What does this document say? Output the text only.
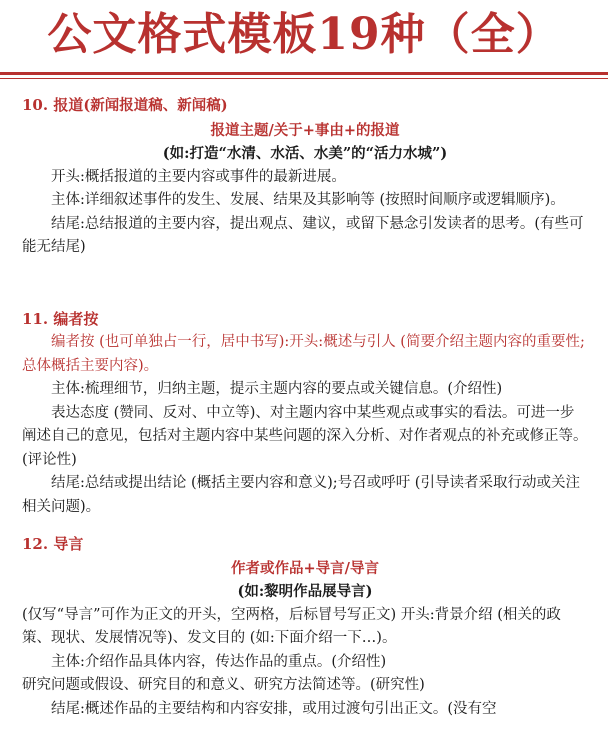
公文格式模板19种（全）

10. 报道(新闻报道稿、新闻稿)

报道主题/关于+事由+的报道

(如:打造“水清、水活、水美”的“活力水城”)

开头:概括报道的主要内容或事件的最新进展。

主体:详细叙述事件的发生、发展、结果及其影响等 (按照时间顺序或逻辑顺序)。

结尾:总结报道的主要内容，提出观点、建议，或留下悬念引发读者的思考。(有些可能无结尾)

11. 编者按

编者按 (也可单独占一行，居中书写):开头:概述与引人 (简要介绍主题内容的重要性;总体概括主要内容)。

主体:梳理细节，归纳主题，提示主题内容的要点或关键信息。(介绍性)

表达态度 (赞同、反对、中立等)、对主题内容中某些观点或事实的看法。可进一步阐述自己的意见，包括对主题内容中某些问题的深入分析、对作者观点的补充或修正等。(评论性)

结尾:总结或提出结论 (概括主要内容和意义);号召或呼吁 (引导读者采取行动或关注相关问题)。

12. 导言

作者或作品+导言/导言

(如:黎明作品展导言)

(仅写“导言”可作为正文的开头，空两格，后标冒号写正文) 开头:背景介绍 (相关的政策、现状、发展情况等)、发文目的 (如:下面介绍一下…)。

主体:介绍作品具体内容，传达作品的重点。(介绍性)

研究问题或假设、研究目的和意义、研究方法简述等。(研究性)

结尾:概述作品的主要结构和内容安排，或用过渡句引出正文。(没有空
